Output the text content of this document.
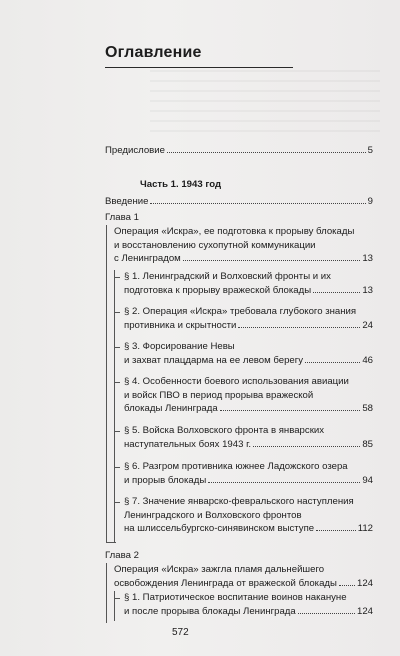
Оглавление
Предисловие	5
Часть 1. 1943 год
Введение	9
Глава 1
Операция «Искра», ее подготовка к прорыву блокады
и восстановлению сухопутной коммуникации
с Ленинградом	13
§ 1. Ленинградский и Волховский фронты и их
подготовка к прорыву вражеской блокады	13
§ 2. Операция «Искра» требовала глубокого знания
противника и скрытности	24
§ 3. Форсирование Невы
и захват плацдарма на ее левом берегу	46
§ 4. Особенности боевого использования авиации
и войск ПВО в период прорыва вражеской
блокады Ленинграда	58
§ 5. Войска Волховского фронта в январских
наступательных боях 1943 г.	85
§ 6. Разгром противника южнее Ладожского озера
и прорыв блокады	94
§ 7. Значение январско-февральского наступления
Ленинградского и Волховского фронтов
на шлиссельбургско-синявинском выступе	112
Глава 2
Операция «Искра» зажгла пламя дальнейшего
освобождения Ленинграда от вражеской блокады 124
§ 1. Патриотическое воспитание воинов накануне
и после прорыва блокады Ленинграда	124
572
